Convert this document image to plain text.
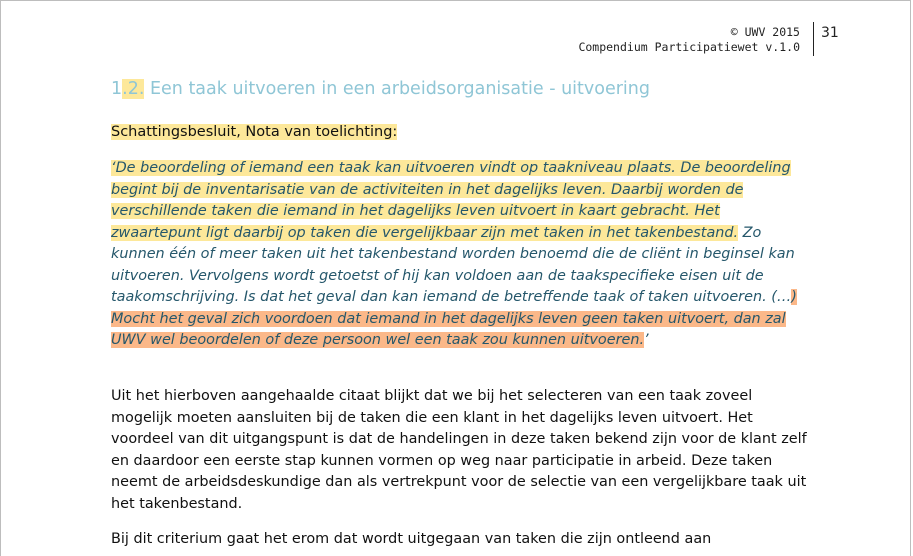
© UWV 2015
Compendium Participatiewet v.1.0
31
1.2. Een taak uitvoeren in een arbeidsorganisatie - uitvoering
Schattingsbesluit, Nota van toelichting:
‘De beoordeling of iemand een taak kan uitvoeren vindt op taakniveau plaats. De beoordeling begint bij de inventarisatie van de activiteiten in het dagelijks leven. Daarbij worden de verschillende taken die iemand in het dagelijks leven uitvoert in kaart gebracht. Het zwaartepunt ligt daarbij op taken die vergelijkbaar zijn met taken in het takenbestand. Zo kunnen één of meer taken uit het takenbestand worden benoemd die de cliënt in beginsel kan uitvoeren. Vervolgens wordt getoetst of hij kan voldoen aan de taakspecifieke eisen uit de taakomschrijving. Is dat het geval dan kan iemand de betreffende taak of taken uitvoeren. (…) Mocht het geval zich voordoen dat iemand in het dagelijks leven geen taken uitvoert, dan zal UWV wel beoordelen of deze persoon wel een taak zou kunnen uitvoeren.’
Uit het hierboven aangehaalde citaat blijkt dat we bij het selecteren van een taak zoveel mogelijk moeten aansluiten bij de taken die een klant in het dagelijks leven uitvoert. Het voordeel van dit uitgangspunt is dat de handelingen in deze taken bekend zijn voor de klant zelf en daardoor een eerste stap kunnen vormen op weg naar participatie in arbeid. Deze taken neemt de arbeidsdeskundige dan als vertrekpunt voor de selectie van een vergelijkbare taak uit het takenbestand.
Bij dit criterium gaat het erom dat wordt uitgegaan van taken die zijn ontleend aan
